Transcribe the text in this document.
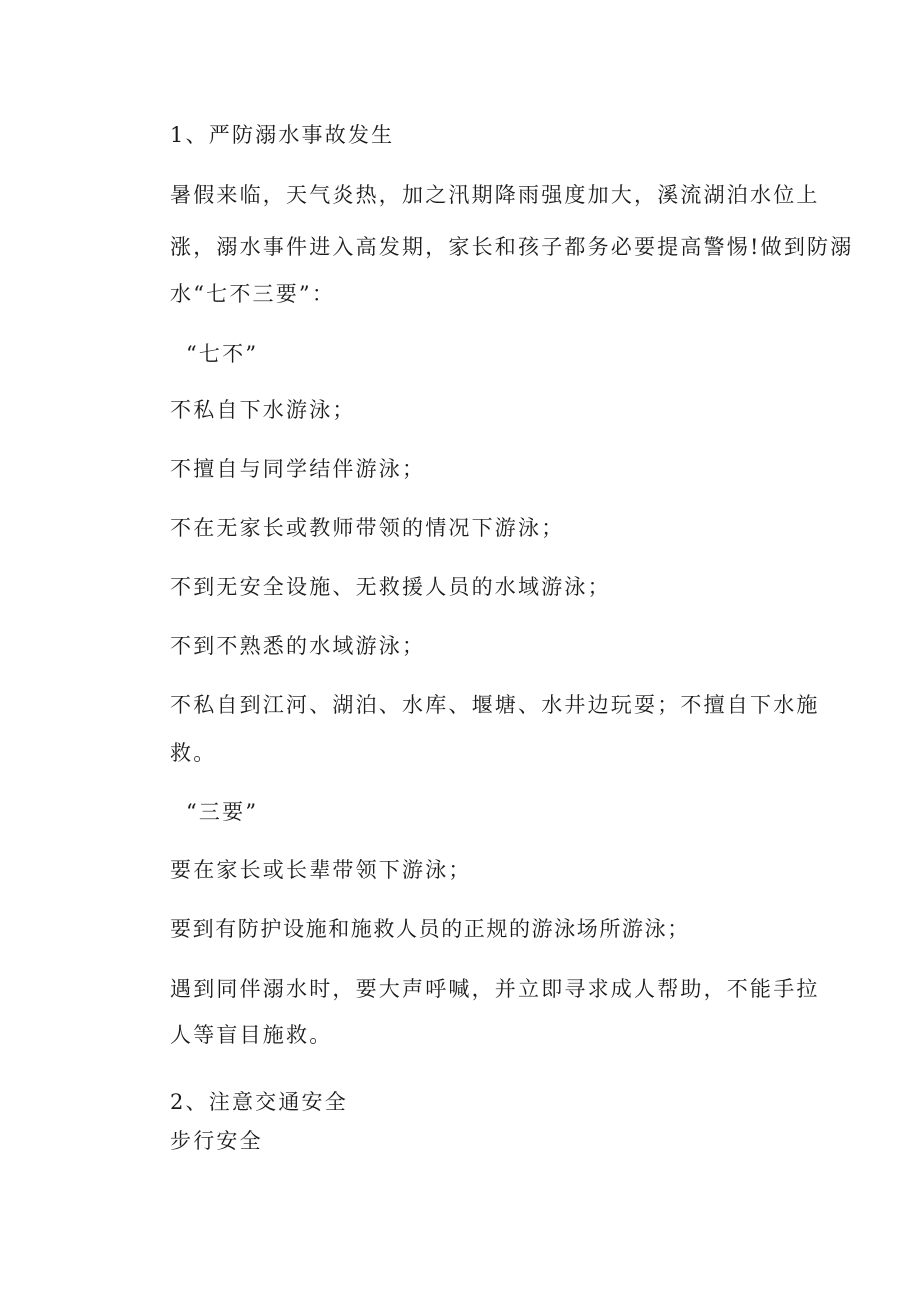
1、严防溺水事故发生
暑假来临，天气炎热，加之汛期降雨强度加大，溪流湖泊水位上
涨，溺水事件进入高发期，家长和孩子都务必要提高警惕!做到防溺
水“七不三要”：
“七不”
不私自下水游泳；
不擅自与同学结伴游泳；
不在无家长或教师带领的情况下游泳；
不到无安全设施、无救援人员的水域游泳；
不到不熟悉的水域游泳；
不私自到江河、湖泊、水库、堰塘、水井边玩耍；不擅自下水施
救。
“三要”
要在家长或长辈带领下游泳；
要到有防护设施和施救人员的正规的游泳场所游泳；
遇到同伴溺水时，要大声呼喊，并立即寻求成人帮助，不能手拉
人等盲目施救。
2、注意交通安全
步行安全
